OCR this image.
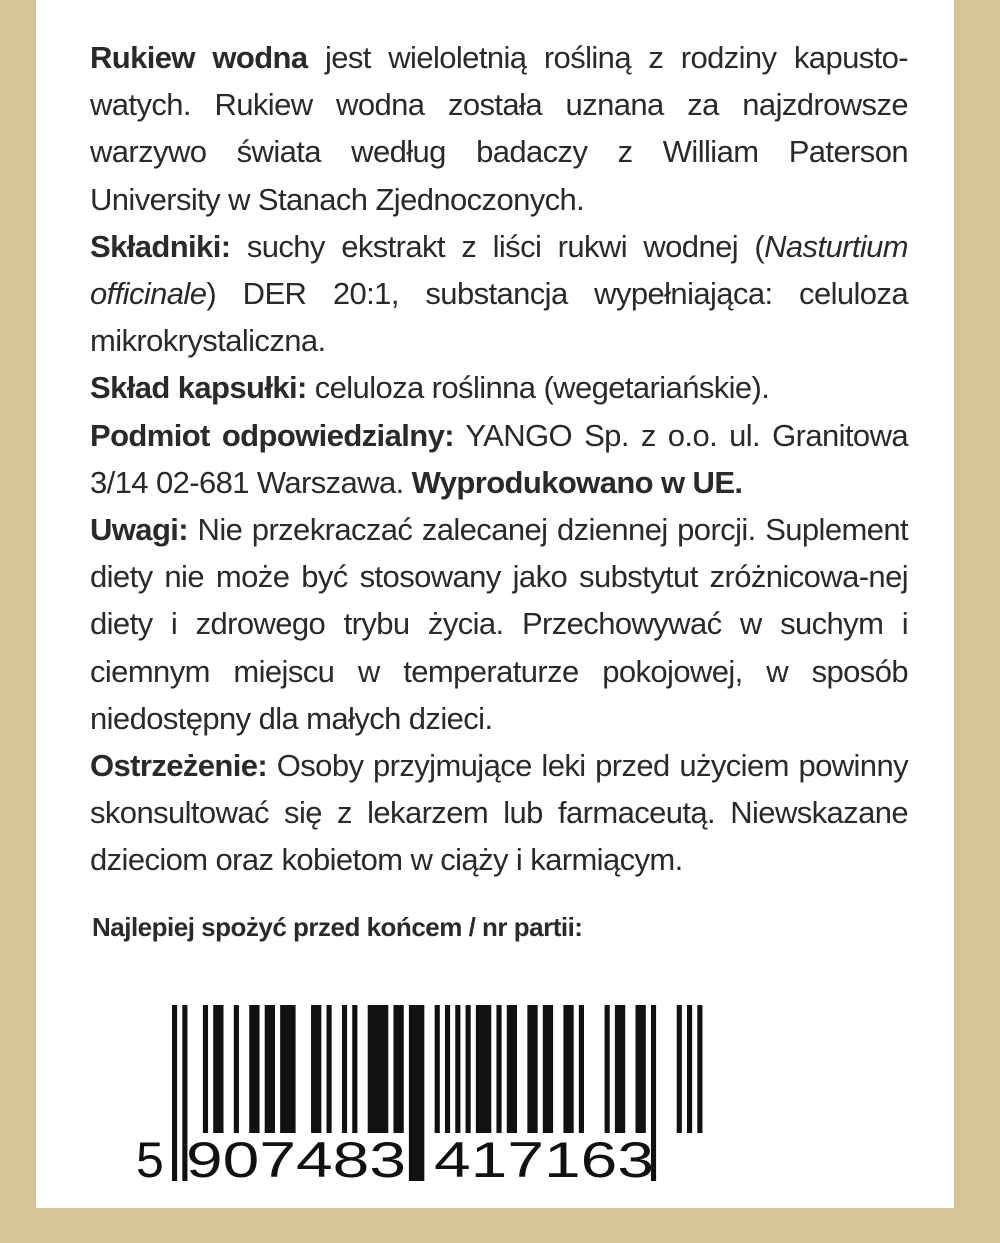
Rukiew wodna jest wieloletnią rośliną z rodziny kapusto-watych. Rukiew wodna została uznana za najzdrowsze warzywo świata według badaczy z William Paterson University w Stanach Zjednoczonych.

Składniki: suchy ekstrakt z liści rukwi wodnej (Nasturtium officinale) DER 20:1, substancja wypełniająca: celuloza mikrokrystaliczna.

Skład kapsułki: celuloza roślinna (wegetariańskie).

Podmiot odpowiedzialny: YANGO Sp. z o.o. ul. Granitowa 3/14 02-681 Warszawa. Wyprodukowano w UE.

Uwagi: Nie przekraczać zalecanej dziennej porcji. Suplement diety nie może być stosowany jako substytut zróżnicowa-nej diety i zdrowego trybu życia. Przechowywać w suchym i ciemnym miejscu w temperaturze pokojowej, w sposób niedostępny dla małych dzieci.

Ostrzeżenie: Osoby przyjmujące leki przed użyciem powinny skonsultować się z lekarzem lub farmaceutą. Niewskazane dzieciom oraz kobietom w ciąży i karmiącym.

Najlepiej spożyć przed końcem / nr partii:
5 907483 417163
